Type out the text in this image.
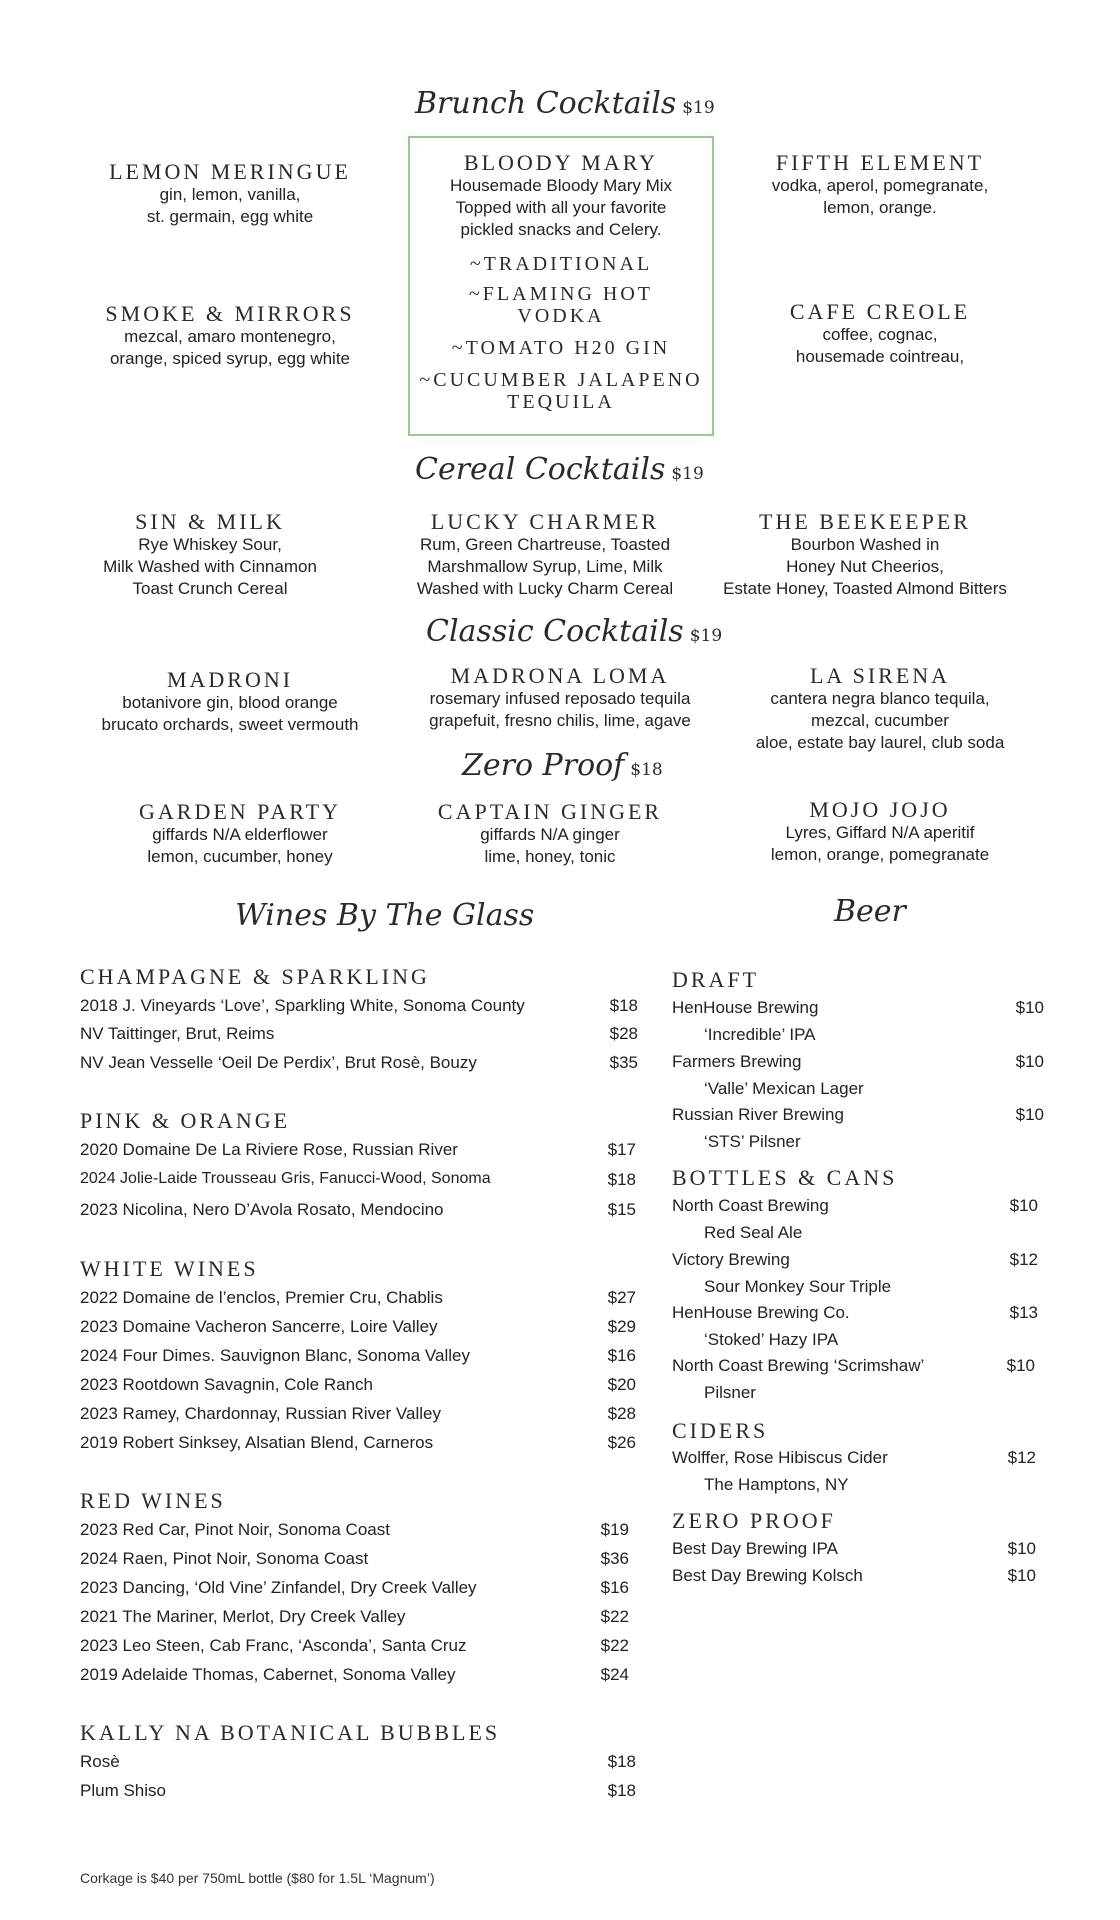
Brunch Cocktails $19
LEMON MERINGUE
gin, lemon, vanilla,
st. germain, egg white
SMOKE & MIRRORS
mezcal, amaro montenegro,
orange, spiced syrup, egg white
BLOODY MARY
Housemade Bloody Mary Mix
Topped with all your favorite
pickled snacks and Celery.
~TRADITIONAL
~FLAMING HOT
VODKA
~TOMATO H20 GIN
~CUCUMBER JALAPENO
TEQUILA
FIFTH ELEMENT
vodka, aperol, pomegranate,
lemon, orange.
CAFE CREOLE
coffee, cognac,
housemade cointreau,
Cereal Cocktails $19
SIN & MILK
Rye Whiskey Sour,
Milk Washed with Cinnamon
Toast Crunch Cereal
LUCKY CHARMER
Rum, Green Chartreuse, Toasted
Marshmallow Syrup, Lime, Milk
Washed with Lucky Charm Cereal
THE BEEKEEPER
Bourbon Washed in
Honey Nut Cheerios,
Estate Honey, Toasted Almond Bitters
Classic Cocktails $19
MADRONI
botanivore gin, blood orange
brucato orchards, sweet vermouth
MADRONA LOMA
rosemary infused reposado tequila
grapefuit, fresno chilis, lime, agave
LA SIRENA
cantera negra blanco tequila,
mezcal, cucumber
aloe, estate bay laurel, club soda
Zero Proof $18
GARDEN PARTY
giffards N/A elderflower
lemon, cucumber, honey
CAPTAIN GINGER
giffards N/A ginger
lime, honey, tonic
MOJO JOJO
Lyres, Giffard N/A aperitif
lemon, orange, pomegranate
Wines By The Glass
CHAMPAGNE & SPARKLING
2018 J. Vineyards ‘Love’, Sparkling White, Sonoma County	$18
NV Taittinger, Brut, Reims	$28
NV Jean Vesselle ‘Oeil De Perdix’, Brut Rosè, Bouzy	$35
PINK & ORANGE
2020 Domaine De La Riviere Rose, Russian River	$17
2024 Jolie-Laide Trousseau Gris, Fanucci-Wood, Sonoma	$18
2023 Nicolina, Nero D’Avola Rosato, Mendocino	$15
WHITE WINES
2022 Domaine de l’enclos, Premier Cru, Chablis	$27
2023 Domaine Vacheron Sancerre, Loire Valley	$29
2024 Four Dimes. Sauvignon Blanc, Sonoma Valley	$16
2023 Rootdown Savagnin, Cole Ranch	$20
2023 Ramey, Chardonnay, Russian River Valley	$28
2019 Robert Sinksey, Alsatian Blend, Carneros	$26
RED WINES
2023 Red Car, Pinot Noir, Sonoma Coast	$19
2024 Raen, Pinot Noir, Sonoma Coast	$36
2023 Dancing, ‘Old Vine’ Zinfandel, Dry Creek Valley	$16
2021 The Mariner, Merlot, Dry Creek Valley	$22
2023 Leo Steen, Cab Franc, ‘Asconda’, Santa Cruz	$22
2019 Adelaide Thomas, Cabernet, Sonoma Valley	$24
KALLY NA BOTANICAL BUBBLES
Rosè	$18
Plum Shiso	$18
Beer
DRAFT
HenHouse Brewing	$10
‘Incredible’ IPA
Farmers Brewing	$10
‘Valle’ Mexican Lager
Russian River Brewing	$10
‘STS’ Pilsner
BOTTLES & CANS
North Coast Brewing	$10
Red Seal Ale
Victory Brewing	$12
Sour Monkey Sour Triple
HenHouse Brewing Co.	$13
‘Stoked’ Hazy IPA
North Coast Brewing ‘Scrimshaw’	$10
Pilsner
CIDERS
Wolffer, Rose Hibiscus Cider	$12
The Hamptons, NY
ZERO PROOF
Best Day Brewing IPA	$10
Best Day Brewing Kolsch	$10
Corkage is $40 per 750mL bottle ($80 for 1.5L ‘Magnum’)
